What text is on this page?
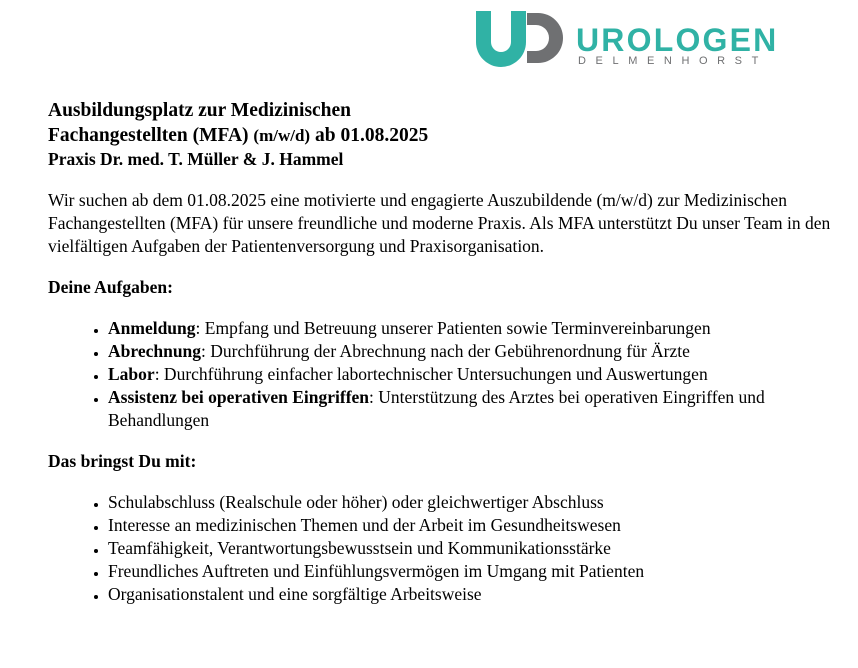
UROLOGEN
DELMENHORST
Ausbildungsplatz zur Medizinischen
Fachangestellten (MFA) (m/w/d) ab 01.08.2025
Praxis Dr. med. T. Müller & J. Hammel

Wir suchen ab dem 01.08.2025 eine motivierte und engagierte Auszubildende (m/w/d) zur Medizinischen Fachangestellten (MFA) für unsere freundliche und moderne Praxis. Als MFA unterstützt Du unser Team in den vielfältigen Aufgaben der Patientenversorgung und Praxisorganisation.

Deine Aufgaben:
• Anmeldung: Empfang und Betreuung unserer Patienten sowie Terminvereinbarungen
• Abrechnung: Durchführung der Abrechnung nach der Gebührenordnung für Ärzte
• Labor: Durchführung einfacher labortechnischer Untersuchungen und Auswertungen
• Assistenz bei operativen Eingriffen: Unterstützung des Arztes bei operativen Eingriffen und Behandlungen
Das bringst Du mit:
• Schulabschluss (Realschule oder höher) oder gleichwertiger Abschluss
• Interesse an medizinischen Themen und der Arbeit im Gesundheitswesen
• Teamfähigkeit, Verantwortungsbewusstsein und Kommunikationsstärke
• Freundliches Auftreten und Einfühlungsvermögen im Umgang mit Patienten
• Organisationstalent und eine sorgfältige Arbeitsweise
